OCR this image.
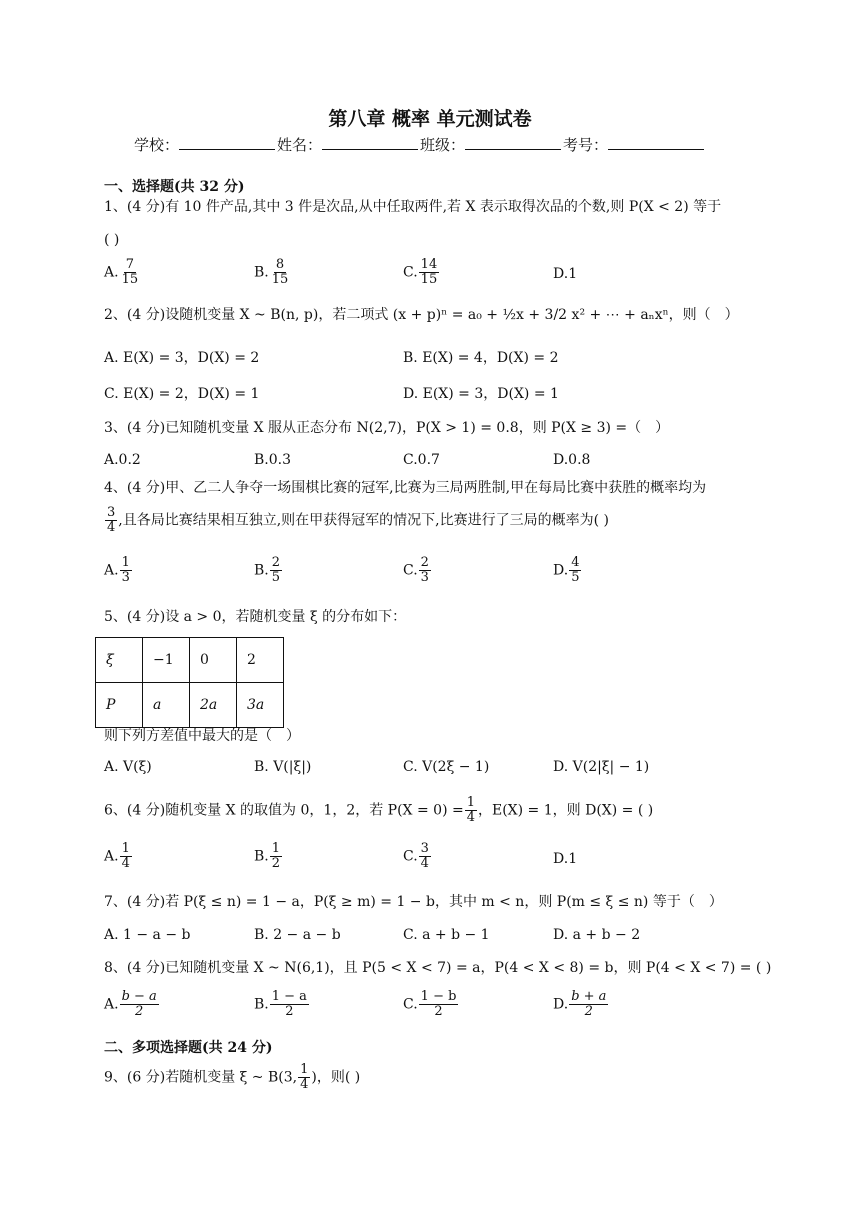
第八章 概率 单元测试卷
学校：	姓名：	班级：	考号：
一、选择题(共 32 分)
1、(4 分)有 10 件产品,其中 3 件是次品,从中任取两件,若 X 表示取得次品的个数,则 P(X < 2) 等于
( )
A. $\frac{7}{15}$	B. $\frac{8}{15}$	C. $\frac{14}{15}$	D.1
2、(4 分)设随机变量 X ~ B(n, p)，若二项式 (x + p)ⁿ = a₀ + ½x + 3/2 x² + ⋯ + aₙxⁿ，则（　）
A. E(X) = 3，D(X) = 2	B. E(X) = 4，D(X) = 2
C. E(X) = 2，D(X) = 1	D. E(X) = 3，D(X) = 1
3、(4 分)已知随机变量 X 服从正态分布 N(2,7)，P(X > 1) = 0.8，则 P(X ≥ 3) =（　）
A.0.2	B.0.3	C.0.7	D.0.8
4、(4 分)甲、乙二人争夺一场围棋比赛的冠军,比赛为三局两胜制,甲在每局比赛中获胜的概率均为
$\frac{3}{4}$ ,且各局比赛结果相互独立,则在甲获得冠军的情况下,比赛进行了三局的概率为( )
A. $\frac{1}{3}$	B. $\frac{2}{5}$	C. $\frac{2}{3}$	D. $\frac{4}{5}$
5、(4 分)设 a > 0，若随机变量 ξ 的分布如下：
ξ	−1	0	2
P	a	2a	3a
则下列方差值中最大的是（　）
A. V(ξ)	B. V(|ξ|)	C. V(2ξ − 1)	D. V(2|ξ| − 1)
6、(4 分)随机变量 X 的取值为 0，1，2，若 $P(X = 0) = \frac{1}{4}$ ，E(X) = 1，则 D(X) = ( )
A. $\frac{1}{4}$	B. $\frac{1}{2}$	C. $\frac{3}{4}$	D.1
7、(4 分)若 P(ξ ≤ n) = 1 − a，P(ξ ≥ m) = 1 − b，其中 m < n，则 P(m ≤ ξ ≤ n) 等于（　）
A. 1 − a − b	B. 2 − a − b	C. a + b − 1	D. a + b − 2
8、(4 分)已知随机变量 X ~ N(6,1)，且 P(5 < X < 7) = a，P(4 < X < 8) = b，则 P(4 < X < 7) = ( )
A. $\frac{b - a}{2}$	B. $\frac{1 - a}{2}$	C. $\frac{1 - b}{2}$	D. $\frac{b + a}{2}$
二、多项选择题(共 24 分)
9、(6 分)若随机变量 ξ ~ B(3, $\frac{1}{4}$ )，则( )
